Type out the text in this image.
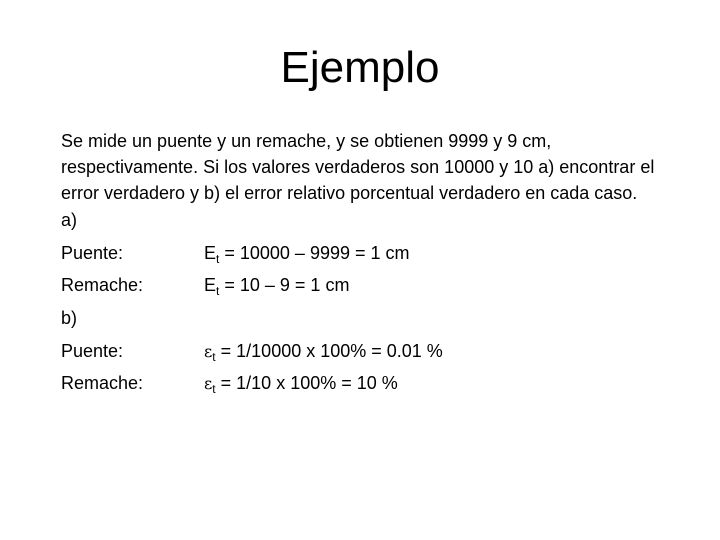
Ejemplo
Se mide un puente y un remache, y se obtienen 9999 y 9 cm,
respectivamente. Si los valores verdaderos son 10000 y 10 a) encontrar el
error verdadero y b) el error relativo porcentual verdadero en cada caso.
a)
Puente:	$E_t = 10000 - 9999 = 1$ cm
Remache:	$E_t = 10 - 9 = 1$ cm
b)
Puente:	$\varepsilon_t = 1/10000$ x 100% = 0.01 %
Remache:	$\varepsilon_t = 1/10$ x 100% = 10 %
